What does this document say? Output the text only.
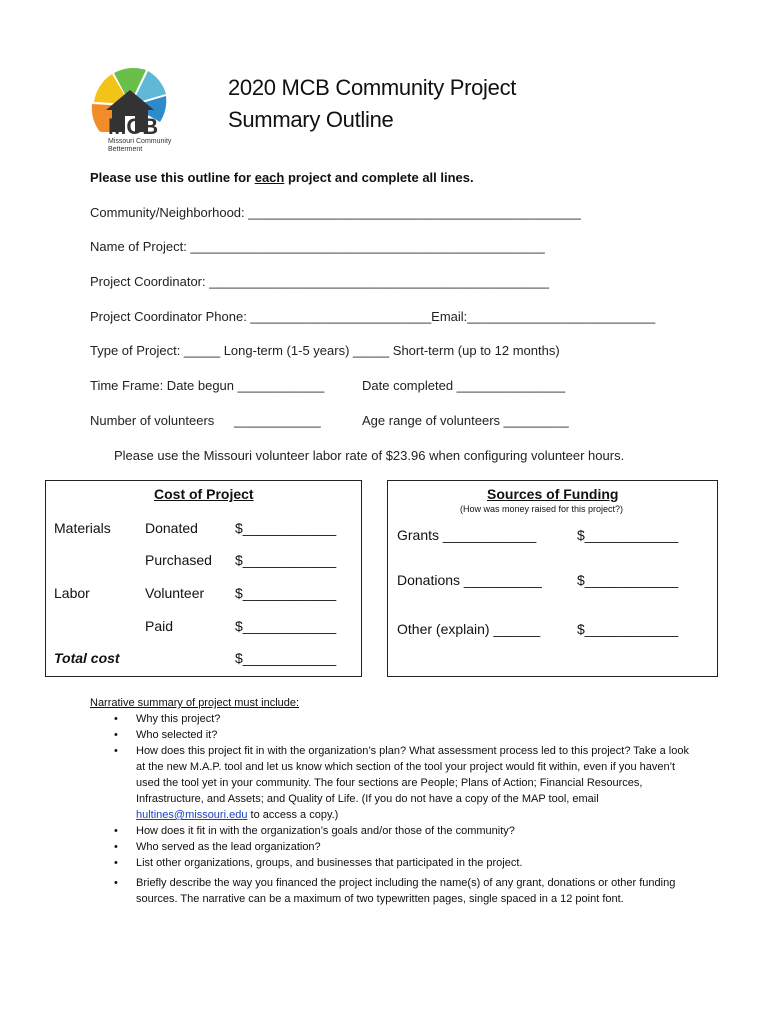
MCB
Missouri Community
Betterment
2020 MCB Community Project
Summary Outline
Please use this outline for each project and complete all lines.
Community/Neighborhood: ______________________________________________
Name of Project: _________________________________________________
Project Coordinator: _______________________________________________
Project Coordinator Phone: _________________________Email:__________________________
Type of Project: _____ Long-term (1-5 years) _____ Short-term (up to 12 months)
Time Frame: Date begun ____________	Date completed _______________
Number of volunteers ____________	Age range of volunteers _________
Please use the Missouri volunteer labor rate of $23.96 when configuring volunteer hours.
Cost of Project
Materials Donated	$____________
Purchased $____________
Labor	Volunteer $____________
Paid	$____________
Total cost	$____________
Sources of Funding
(How was money raised for this project?)
Grants ____________	$____________
Donations __________	$____________
Other (explain) ______	$____________
Narrative summary of project must include:
• Why this project?
• Who selected it?
• How does this project fit in with the organization’s plan? What assessment process led to this project? Take a look at the new M.A.P. tool and let us know which section of the tool your project would fit within, even if you haven’t used the tool yet in your community. The four sections are People; Plans of Action; Financial Resources, Infrastructure, and Assets; and Quality of Life. (If you do not have a copy of the MAP tool, email hultines@missouri.edu to access a copy.)
• How does it fit in with the organization’s goals and/or those of the community?
• Who served as the lead organization?
• List other organizations, groups, and businesses that participated in the project.
• Briefly describe the way you financed the project including the name(s) of any grant, donations or other funding sources. The narrative can be a maximum of two typewritten pages, single spaced in a 12 point font.
